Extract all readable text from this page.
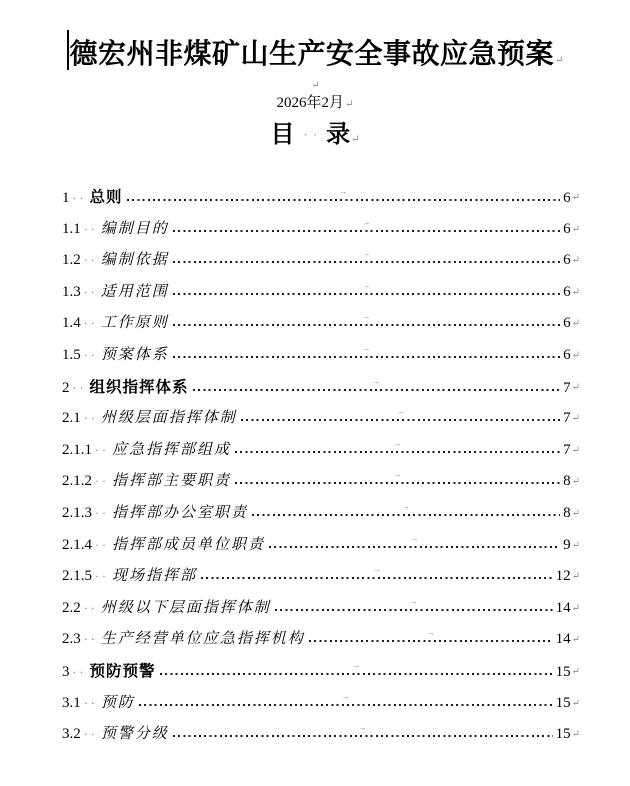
德宏州非煤矿山生产安全事故应急预案↵
↵
2026年2月↵
目 ·· 录↵
1 ·· 总则	→	6 ↵
1.1 ·· 编制目的	→	6 ↵
1.2 ·· 编制依据	→	6 ↵
1.3 ·· 适用范围	→	6 ↵
1.4 ·· 工作原则	→	6 ↵
1.5 ·· 预案体系	→	6 ↵
2 ·· 组织指挥体系	→	7 ↵
2.1 ·· 州级层面指挥体制	→	7 ↵
2.1.1 ·· 应急指挥部组成	→	7 ↵
2.1.2 ·· 指挥部主要职责	→	8 ↵
2.1.3 ·· 指挥部办公室职责	→	8 ↵
2.1.4 ·· 指挥部成员单位职责	→	9 ↵
2.1.5 ·· 现场指挥部	→	12 ↵
2.2 ·· 州级以下层面指挥体制	→	14 ↵
2.3 ·· 生产经营单位应急指挥机构	→	14 ↵
3 ·· 预防预警	→	15 ↵
3.1 ·· 预防	→	15 ↵
3.2 ·· 预警分级	→	15 ↵
